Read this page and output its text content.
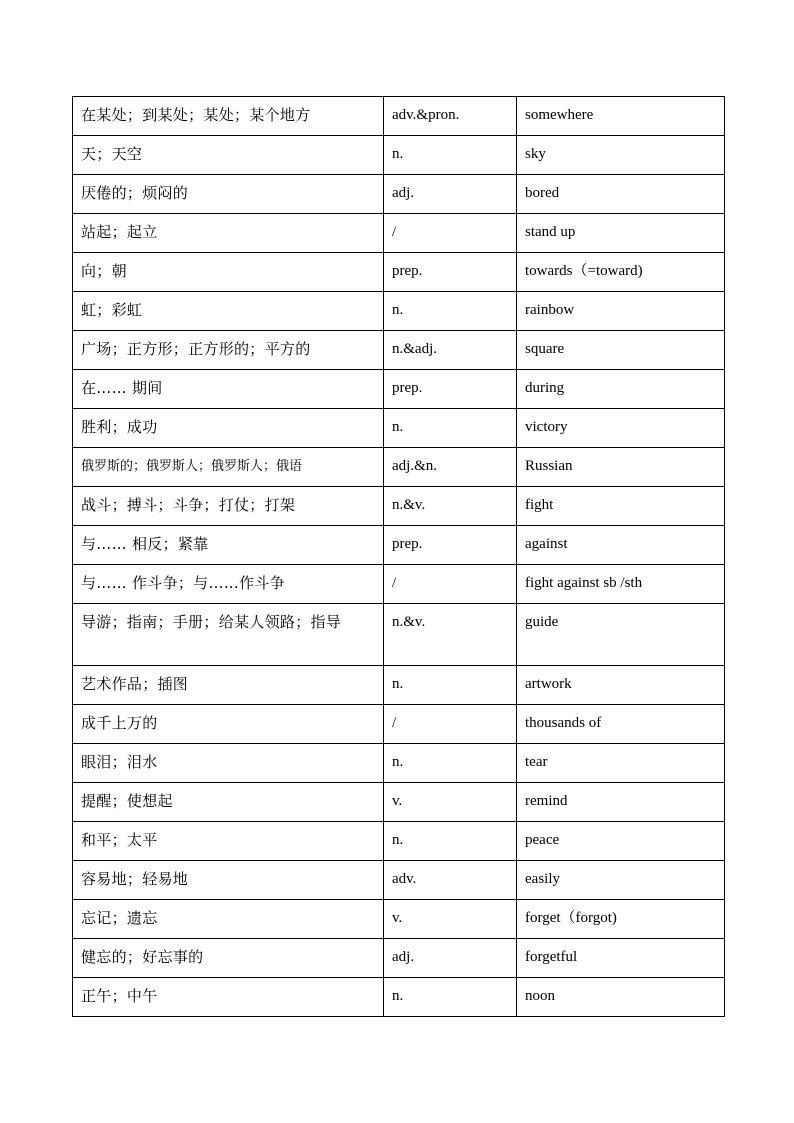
在某处；到某处；某处；某个地方	adv.&pron.	somewhere
天；天空	n.	sky
厌倦的；烦闷的	adj.	bored
站起；起立	/	stand up
向；朝	prep.	towards（=toward)
虹；彩虹	n.	rainbow
广场；正方形；正方形的；平方的	n.&adj.	square
在…… 期间	prep.	during
胜利；成功	n.	victory
俄罗斯的；俄罗斯人；俄罗斯人；俄语	adj.&n.	Russian
战斗；搏斗；斗争；打仗；打架	n.&v.	fight
与…… 相反；紧靠	prep.	against
与…… 作斗争；与……作斗争	/	fight against sb /sth
导游；指南；手册；给某人领路；指导	n.&v.	guide
艺术作品；插图	n.	artwork
成千上万的	/	thousands of
眼泪；泪水	n.	tear
提醒；使想起	v.	remind
和平；太平	n.	peace
容易地；轻易地	adv.	easily
忘记；遗忘	v.	forget（forgot)
健忘的；好忘事的	adj.	forgetful
正午；中午	n.	noon
